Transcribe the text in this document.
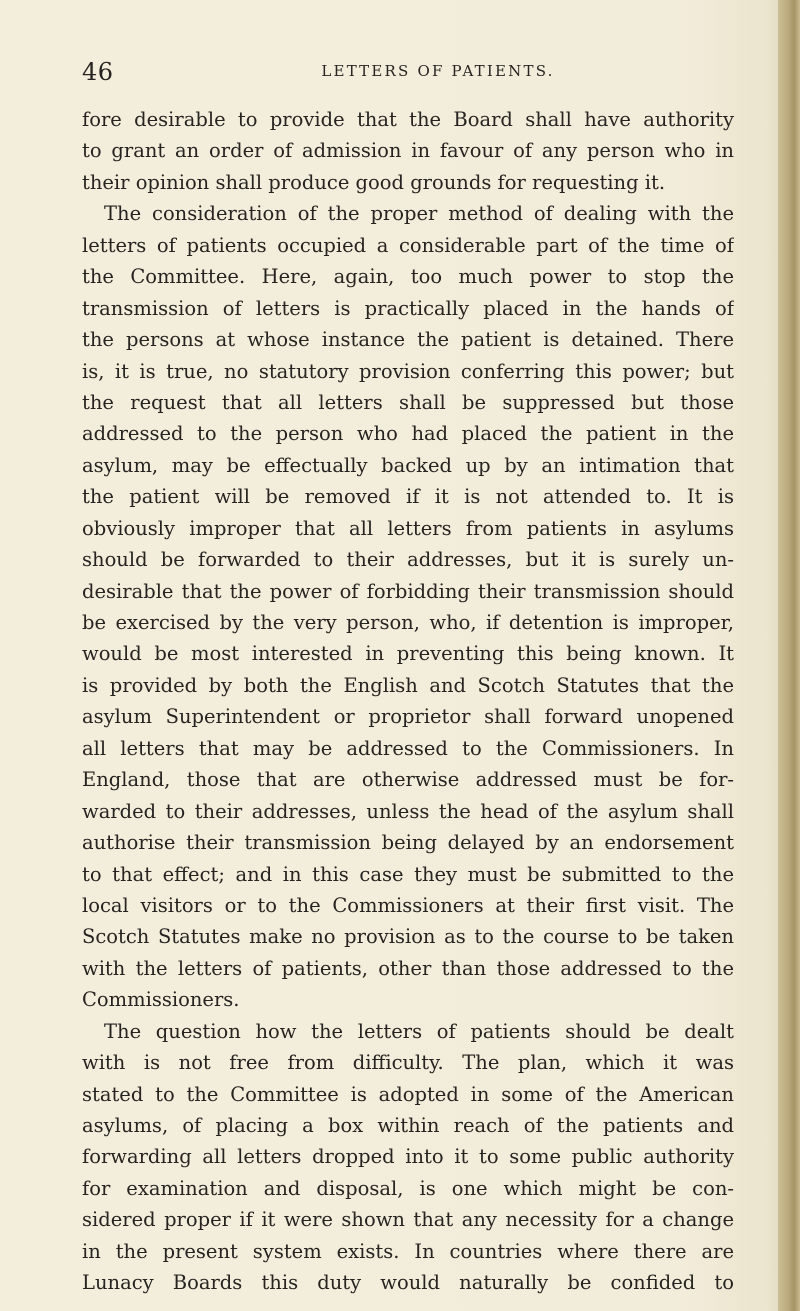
46	LETTERS OF PATIENTS.
fore desirable to provide that the Board shall have authority
to grant an order of admission in favour of any person who in
their opinion shall produce good grounds for requesting it.
The consideration of the proper method of dealing with the
letters of patients occupied a considerable part of the time of
the Committee. Here, again, too much power to stop the
transmission of letters is practically placed in the hands of
the persons at whose instance the patient is detained. There
is, it is true, no statutory provision conferring this power; but
the request that all letters shall be suppressed but those
addressed to the person who had placed the patient in the
asylum, may be effectually backed up by an intimation that
the patient will be removed if it is not attended to. It is
obviously improper that all letters from patients in asylums
should be forwarded to their addresses, but it is surely un-
desirable that the power of forbidding their transmission should
be exercised by the very person, who, if detention is improper,
would be most interested in preventing this being known. It
is provided by both the English and Scotch Statutes that the
asylum Superintendent or proprietor shall forward unopened
all letters that may be addressed to the Commissioners. In
England, those that are otherwise addressed must be for-
warded to their addresses, unless the head of the asylum shall
authorise their transmission being delayed by an endorsement
to that effect; and in this case they must be submitted to the
local visitors or to the Commissioners at their first visit. The
Scotch Statutes make no provision as to the course to be taken
with the letters of patients, other than those addressed to the
Commissioners.
The question how the letters of patients should be dealt
with is not free from difficulty. The plan, which it was
stated to the Committee is adopted in some of the American
asylums, of placing a box within reach of the patients and
forwarding all letters dropped into it to some public authority
for examination and disposal, is one which might be con-
sidered proper if it were shown that any necessity for a change
in the present system exists. In countries where there are
Lunacy Boards this duty would naturally be confided to
